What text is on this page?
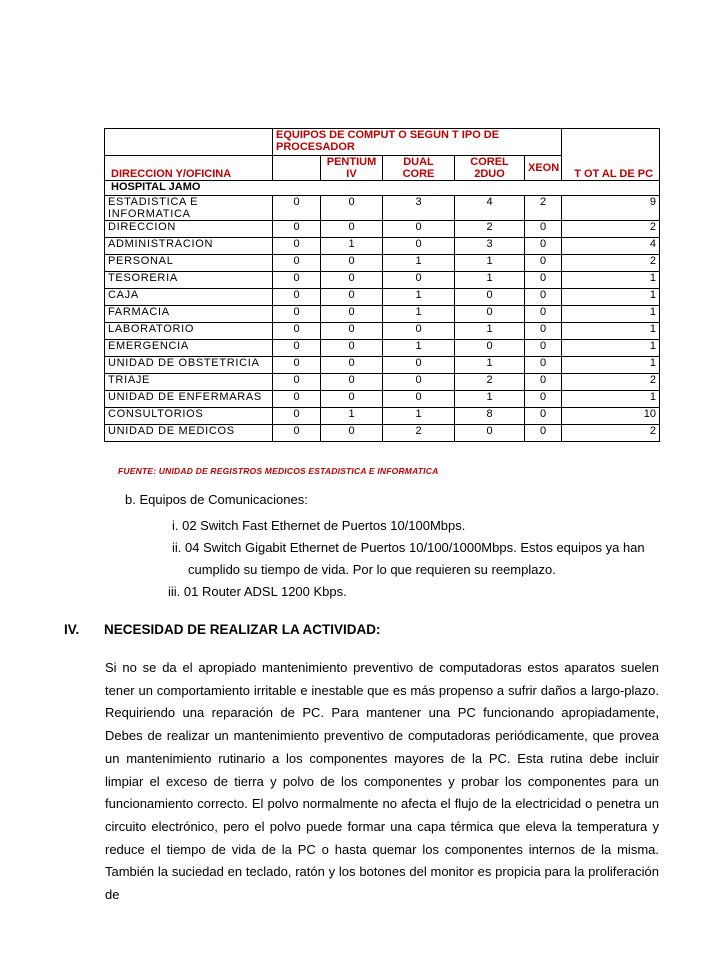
	EQUIPOS DE COMPUT O SEGÚN T IPO DE PROCESADOR					T OT AL DE PC
DIRECCION Y/OFICINA		PENTIUM IV	DUAL CORE	COREL 2DUO	XEON	
HOSPITAL JAMO						
ESTADISTICA E INFORMATICA	0	0	3	4	2	9
DIRECCION	0	0	0	2	0	2
ADMINISTRACION	0	1	0	3	0	4
PERSONAL	0	0	1	1	0	2
TESORERIA	0	0	0	1	0	1
CAJA	0	0	1	0	0	1
FARMACIA	0	0	1	0	0	1
LABORATORIO	0	0	0	1	0	1
EMERGENCIA	0	0	1	0	0	1
UNIDAD DE OBSTETRICIA	0	0	0	1	0	1
TRIAJE	0	0	0	2	0	2
UNIDAD DE ENFERMARAS	0	0	0	1	0	1
CONSULTORIOS	0	1	1	8	0	10
UNIDAD DE MEDICOS	0	0	2	0	0	2
FUENTE: UNIDAD DE REGISTROS MEDICOS ESTADISTICA E INFORMATICA
b. Equipos de Comunicaciones:
i. 02 Switch Fast Ethernet de Puertos 10/100Mbps.
ii. 04 Switch Gigabit Ethernet de Puertos 10/100/1000Mbps. Estos equipos ya han
cumplido su tiempo de vida. Por lo que requieren su reemplazo.
iii. 01 Router ADSL 1200 Kbps.
IV. NECESIDAD DE REALIZAR LA ACTIVIDAD:

Si no se da el apropiado mantenimiento preventivo de computadoras estos aparatos suelen tener un comportamiento irritable e inestable que es más propenso a sufrir daños a largo-plazo. Requiriendo una reparación de PC. Para mantener una PC funcionando apropiadamente, Debes de realizar un mantenimiento preventivo de computadoras periódicamente, que provea un mantenimiento rutinario a los componentes mayores de la PC. Esta rutina debe incluir limpiar el exceso de tierra y polvo de los componentes y probar los componentes para un funcionamiento correcto. El polvo normalmente no afecta el flujo de la electricidad o penetra un circuito electrónico, pero el polvo puede formar una capa térmica que eleva la temperatura y reduce el tiempo de vida de la PC o hasta quemar los componentes internos de la misma. También la suciedad en teclado, ratón y los botones del monitor es propicia para la proliferación de
